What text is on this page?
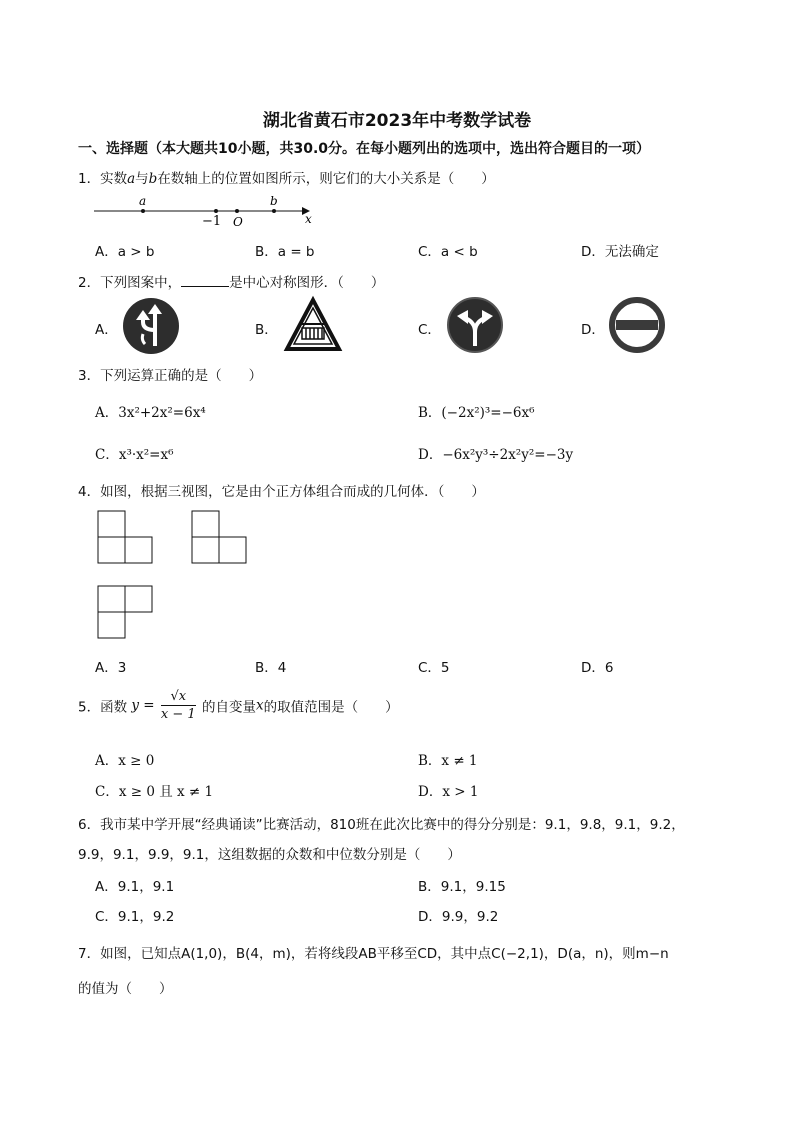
湖北省黄石市2023年中考数学试卷
一、选择题（本大题共10小题，共30.0分。在每小题列出的选项中，选出符合题目的一项）
1．实数a与b在数轴上的位置如图所示，则它们的大小关系是（　　）
a	b
−1 O	x
A．a > b	B．a = b	C．a < b	D．无法确定
2．下列图案中，	是中心对称图形．（　　）
A．	B．	C．	D．
3．下列运算正确的是（　　）
A．3x²+2x²=6x⁴	B．(−2x²)³=−6x⁶
C．x³·x²=x⁶	D．−6x²y³÷2x²y²=−3y
4．如图，根据三视图，它是由个正方体组合而成的几何体．（　　）
A．3	B．4	C．5	D．6
5．函数 $y = \frac{√x}{x - 1}$ 的自变量x的取值范围是（　　）
A．x ≥ 0	B．x ≠ 1
C．x ≥ 0 且 x ≠ 1	D．x > 1
6．我市某中学开展“经典诵读”比赛活动，810班在此次比赛中的得分分别是：9.1，9.8，9.1，9.2，
9.9，9.1，9.9，9.1，这组数据的众数和中位数分别是（　　）
A．9.1，9.1	B．9.1，9.15
C．9.1，9.2	D．9.9，9.2
7．如图，已知点A(1,0)，B(4，m)，若将线段AB平移至CD，其中点C(−2,1)，D(a，n)，则m−n
的值为（　　）
